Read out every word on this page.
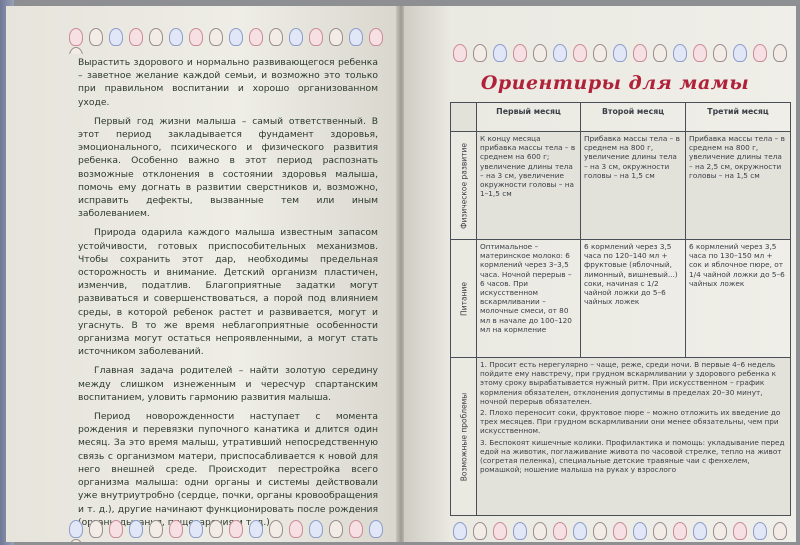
Вырастить здорового и нормально развивающегося ребенка – заветное желание каждой семьи, и возможно это только при правильном воспитании и хорошо организованном уходе.

Первый год жизни малыша – самый ответственный. В этот период закладывается фундамент здоровья, эмоционального, психического и физического развития ребенка. Особенно важно в этот период распознать возможные отклонения в состоянии здоровья малыша, помочь ему догнать в развитии сверстников и, возможно, исправить дефекты, вызванные тем или иным заболеванием.

Природа одарила каждого малыша известным запасом устойчивости, готовых приспособительных механизмов. Чтобы сохранить этот дар, необходимы предельная осторожность и внимание. Детский организм пластичен, изменчив, податлив. Благоприятные задатки могут развиваться и совершенствоваться, а порой под влиянием среды, в которой ребенок растет и развивается, могут и угаснуть. В то же время неблагоприятные особенности организма могут остаться непроявленными, а могут стать источником заболеваний.

Главная задача родителей – найти золотую середину между слишком изнеженным и чересчур спартанским воспитанием, уловить гармонию развития малыша.

Период новорожденности наступает с момента рождения и перевязки пупочного канатика и длится один месяц. За это время малыш, утративший непосредственную связь с организмом матери, приспосабливается к новой для него внешней среде. Происходит перестройка всего организма малыша: одни органы и системы действовали уже внутриутробно (сердце, почки, органы кровообращения и т. д.), другие начинают функционировать после рождения дыхания, д.).

Ориентиры для мамы
	Первый месяц	Второй месяц	Третий месяц

Физическое развитие	К концу месяца прибавка массы тела – в среднем на 600 г; увеличение длины тела – на 3 см, увеличение окружности головы – на 1–1,5 см	Прибавка массы тела – в среднем на 800 г, увеличение длины тела – на 3 см, окружности головы – на 1,5 см	Прибавка массы тела – в среднем на 800 г, увеличение длины тела – на 2,5 см, окружности головы – на 1,5 см

Питание	Оптимальное – материнское молоко: 6 кормлений через 3–3,5 часа. Ночной перерыв – 6 часов. При искусственном вскармливании – молочные смеси, от 80 мл в начале до 100–120 мл на кормление	6 кормлений через 3,5 часа по 120–140 мл + фруктовые (яблочный, лимонный, вишневый...) соки, начиная с 1/2 чайной ложки до 5–6 чайных ложек	6 кормлений через 3,5 часа по 130–150 мл + сок и яблочное пюре, от 1/4 чайной ложки до 5–6 чайных ложек

Возможные проблемы	1. Просит есть нерегулярно – чаще, реже, среди ночи. В первые 4–6 недель пойдите ему навстречу, при грудном вскармливании у здорового ребенка к этому сроку вырабатывается нужный ритм. При искусственном – график кормления обязателен, отклонения допустимы в пределах 20–30 минут, ночной перерыв обязателен.

2. Плохо переносит соки, фруктовое пюре – можно отложить их введение до трех месяцев. При грудном вскармливании они менее обязательны, чем при искусственном.

3. Беспокоят кишечные колики. Профилактика и помощь: укладывание перед едой на животик, поглаживание живота по часовой стрелке, тепло на живот (согретая пеленка), специальные детские травяные чаи с фенхелем, ромашкой; ношение малыша на руках у взрослого		
